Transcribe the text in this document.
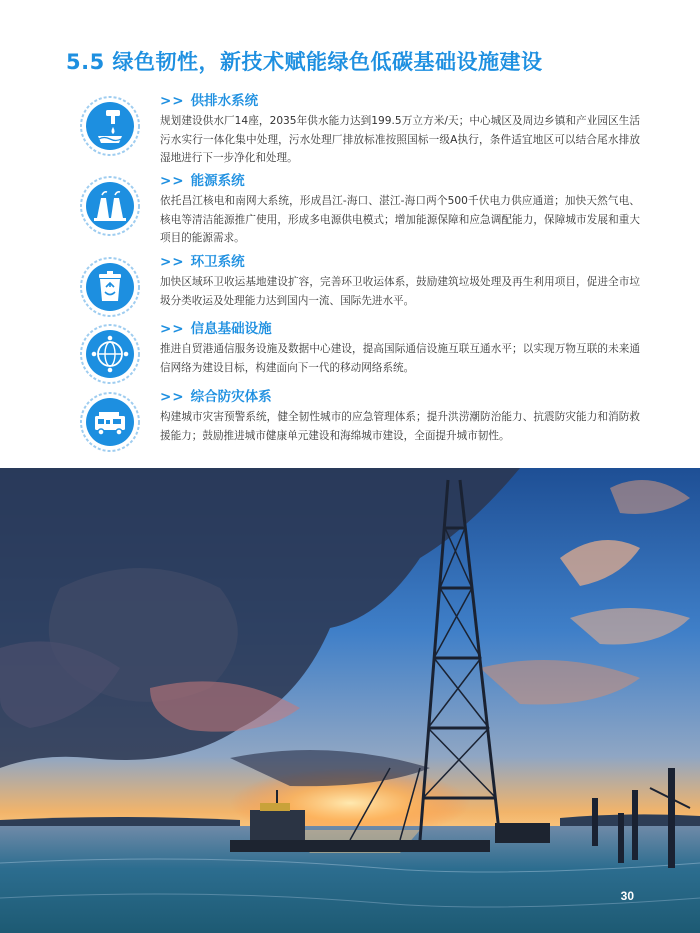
5.5 绿色韧性，新技术赋能绿色低碳基础设施建设
>> 供排水系统
规划建设供水厂14座，2035年供水能力达到199.5万立方米/天；中心城区及周边乡镇和产业园区生活污水实行一体化集中处理，污水处理厂排放标准按照国标一级A执行，条件适宜地区可以结合尾水排放湿地进行下一步净化和处理。
>> 能源系统
依托昌江核电和南网大系统，形成昌江-海口、湛江-海口两个500千伏电力供应通道；加快天然气电、核电等清洁能源推广使用，形成多电源供电模式；增加能源保障和应急调配能力，保障城市发展和重大项目的能源需求。
>> 环卫系统
加快区域环卫收运基地建设扩容，完善环卫收运体系，鼓励建筑垃圾处理及再生利用项目，促进全市垃圾分类收运及处理能力达到国内一流、国际先进水平。
>> 信息基础设施
推进自贸港通信服务设施及数据中心建设，提高国际通信设施互联互通水平；以实现万物互联的未来通信网络为建设目标，构建面向下一代的移动网络系统。
>> 综合防灾体系
构建城市灾害预警系统，健全韧性城市的应急管理体系；提升洪涝潮防治能力、抗震防灾能力和消防救援能力；鼓励推进城市健康单元建设和海绵城市建设，全面提升城市韧性。
30
